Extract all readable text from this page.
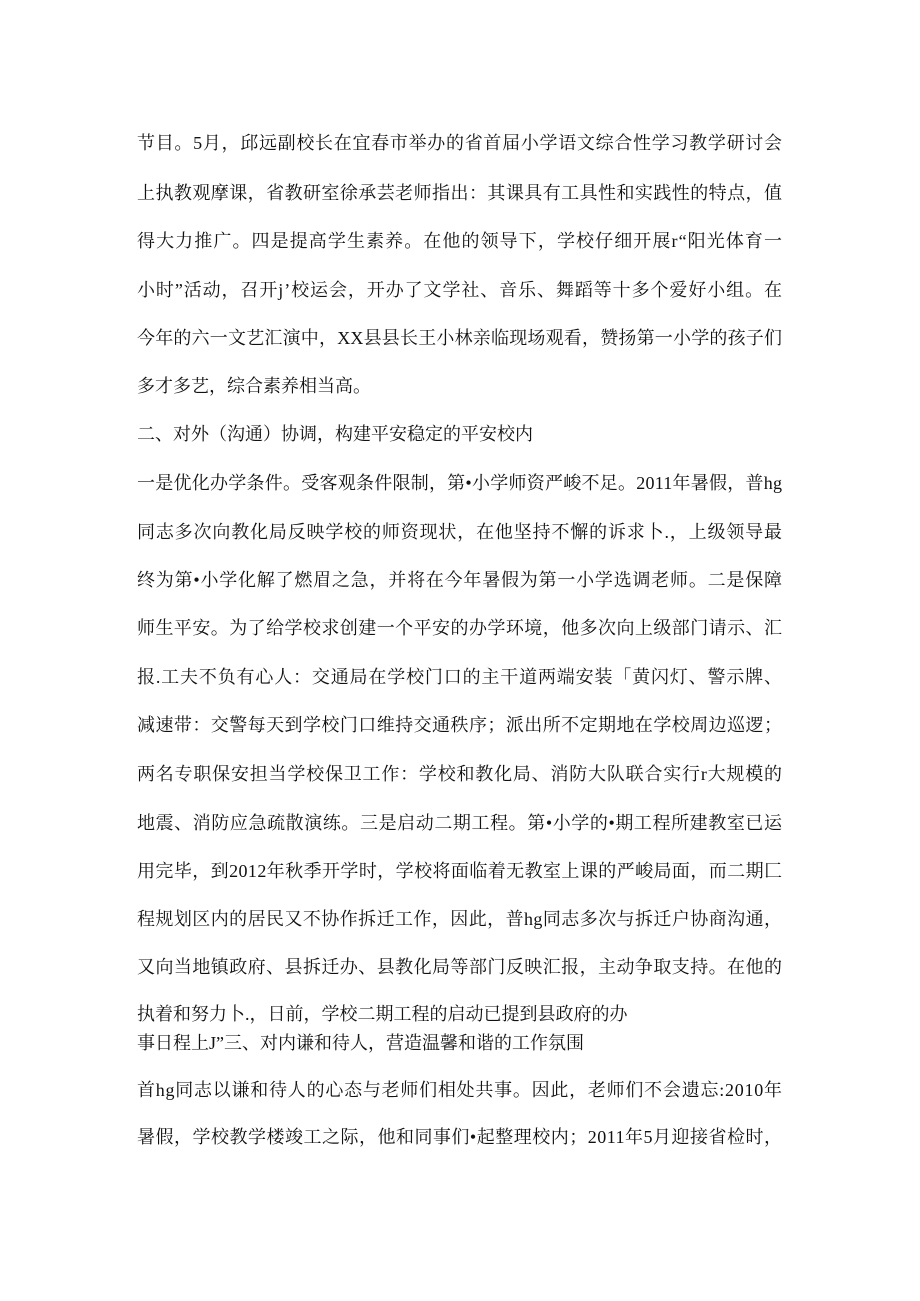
节目。5月，邱远副校长在宜春市举办的省首届小学语文综合性学习教学研讨会
上执教观摩课，省教研室徐承芸老师指出：其课具有工具性和实践性的特点，值
得大力推广。四是提高学生素养。在他的领导下，学校仔细开展r“阳光体育一
小时”活动，召开j’校运会，开办了文学社、音乐、舞蹈等十多个爱好小组。在
今年的六一文艺汇演中，XX县县长王小林亲临现场观看，赞扬第一小学的孩子们
多才多艺，综合素养相当高。
二、对外（沟通）协调，构建平安稳定的平安校内
一是优化办学条件。受客观条件限制，第•小学师资严峻不足。2011年暑假，普hg
同志多次向教化局反映学校的师资现状，在他坚持不懈的诉求卜.，上级领导最
终为第•小学化解了燃眉之急，并将在今年暑假为第一小学选调老师。二是保障
师生平安。为了给学校求创建一个平安的办学环境，他多次向上级部门请示、汇
报.工夫不负有心人：交通局在学校门口的主干道两端安装「黄闪灯、警示牌、
减速带：交警每天到学校门口维持交通秩序；派出所不定期地在学校周边巡逻；
两名专职保安担当学校保卫工作：学校和教化局、消防大队联合实行r大规模的
地震、消防应急疏散演练。三是启动二期工程。第•小学的•期工程所建教室已运
用完毕，到2012年秋季开学时，学校将面临着无教室上课的严峻局面，而二期匚
程规划区内的居民又不协作拆迁工作，因此，普hg同志多次与拆迁户协商沟通，
又向当地镇政府、县拆迁办、县教化局等部门反映汇报，主动争取支持。在他的
执着和努力卜.，日前，学校二期工程的启动已提到县政府的办
事日程上J”三、对内谦和待人，营造温馨和谐的工作氛围
首hg同志以谦和待人的心态与老师们相处共事。因此，老师们不会遗忘:2010年
暑假，学校教学楼竣工之际，他和同事们•起整理校内；2011年5月迎接省检时，
